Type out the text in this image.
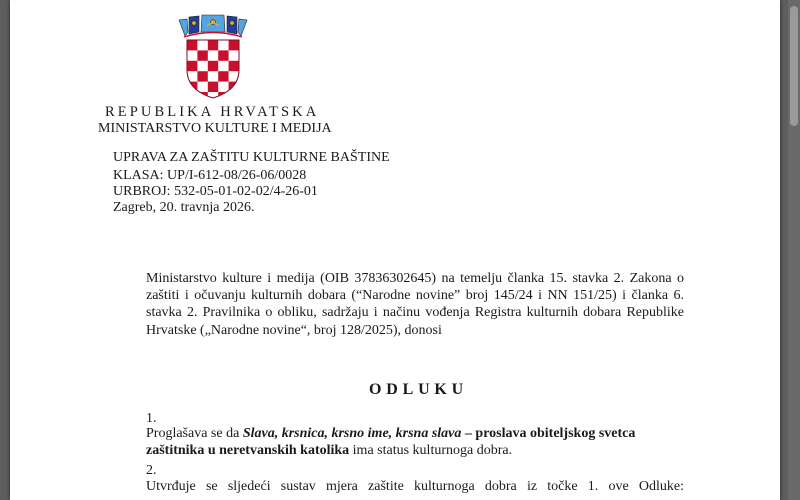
REPUBLIKA HRVATSKA
MINISTARSTVO KULTURE I MEDIJA
UPRAVA ZA ZAŠTITU KULTURNE BAŠTINE
KLASA: UP/I-612-08/26-06/0028
URBROJ: 532-05-01-02-02/4-26-01
Zagreb, 20. travnja 2026.
Ministarstvo kulture i medija (OIB 37836302645) na temelju članka 15. stavka 2. Zakona o zaštiti i očuvanju kulturnih dobara (“Narodne novine” broj 145/24 i NN 151/25) i članka 6. stavka 2. Pravilnika o obliku, sadržaju i načinu vođenja Registra kulturnih dobara Republike Hrvatske („Narodne novine“, broj 128/2025), donosi
ODLUKU
1.
Proglašava se da Slava, krsnica, krsno ime, krsna slava – proslava obiteljskog svetca zaštitnika u neretvanskih katolika ima status kulturnoga dobra.
2.
Utvrđuje se sljedeći sustav mjera zaštite kulturnoga dobra iz točke 1. ove Odluke:
